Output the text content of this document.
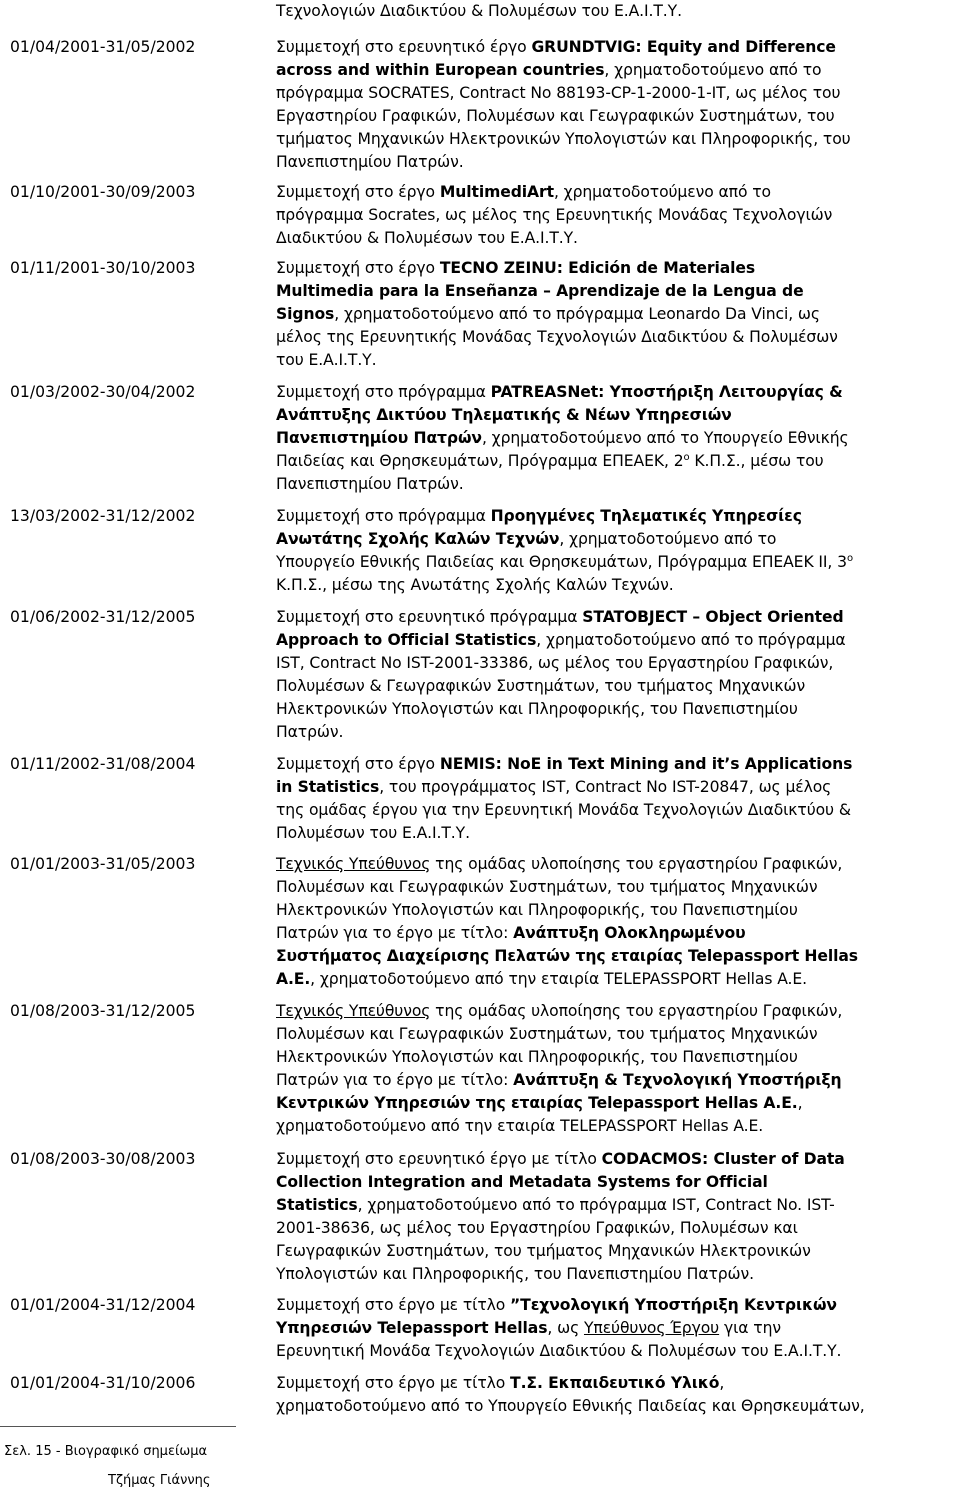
Τεχνολογιών Διαδικτύου & Πολυμέσων του Ε.Α.Ι.Τ.Υ.
01/04/2001-31/05/2002	Συμμετοχή στο ερευνητικό έργο GRUNDTVIG: Equity and Difference
across and within European countries, χρηματοδοτούμενο από το
πρόγραμμα SOCRATES, Contract No 88193-CP-1-2000-1-IT, ως μέλος του
Εργαστηρίου Γραφικών, Πολυμέσων και Γεωγραφικών Συστημάτων, του
τμήματος Μηχανικών Ηλεκτρονικών Υπολογιστών και Πληροφορικής, του
Πανεπιστημίου Πατρών.
01/10/2001-30/09/2003	Συμμετοχή στο έργο MultimediArt, χρηματοδοτούμενο από το
πρόγραμμα Socrates, ως μέλος της Ερευνητικής Μονάδας Τεχνολογιών
Διαδικτύου & Πολυμέσων του Ε.Α.Ι.Τ.Υ.
01/11/2001-30/10/2003	Συμμετοχή στο έργο TECNO ZEINU: Edición de Materiales
Multimedia para la Enseñanza – Aprendizaje de la Lengua de
Signos, χρηματοδοτούμενο από το πρόγραμμα Leonardo Da Vinci, ως
μέλος της Ερευνητικής Μονάδας Τεχνολογιών Διαδικτύου & Πολυμέσων
του Ε.Α.Ι.Τ.Υ.
01/03/2002-30/04/2002	Συμμετοχή στο πρόγραμμα PATREASNet: Υποστήριξη Λειτουργίας &
Ανάπτυξης Δικτύου Τηλεματικής & Νέων Υπηρεσιών
Πανεπιστημίου Πατρών, χρηματοδοτούμενο από το Υπουργείο Εθνικής
Παιδείας και Θρησκευμάτων, Πρόγραμμα ΕΠΕΑΕΚ, $2^o$ Κ.Π.Σ., μέσω του
Πανεπιστημίου Πατρών.
13/03/2002-31/12/2002	Συμμετοχή στο πρόγραμμα Προηγμένες Τηλεματικές Υπηρεσίες
Ανωτάτης Σχολής Καλών Τεχνών, χρηματοδοτούμενο από το
Υπουργείο Εθνικής Παιδείας και Θρησκευμάτων, Πρόγραμμα ΕΠΕΑΕΚ ΙΙ, $3^o$
Κ.Π.Σ., μέσω της Ανωτάτης Σχολής Καλών Τεχνών.
01/06/2002-31/12/2005	Συμμετοχή στο ερευνητικό πρόγραμμα STATOBJECT – Object Oriented
Approach to Official Statistics, χρηματοδοτούμενο από το πρόγραμμα
IST, Contract No IST-2001-33386, ως μέλος του Εργαστηρίου Γραφικών,
Πολυμέσων & Γεωγραφικών Συστημάτων, του τμήματος Μηχανικών
Ηλεκτρονικών Υπολογιστών και Πληροφορικής, του Πανεπιστημίου
Πατρών.
01/11/2002-31/08/2004	Συμμετοχή στο έργο NEMIS: NoE in Text Mining and it’s Applications
in Statistics, του προγράμματος IST, Contract No IST-20847, ως μέλος
της ομάδας έργου για την Ερευνητική Μονάδα Τεχνολογιών Διαδικτύου &
Πολυμέσων του Ε.Α.Ι.Τ.Υ.
01/01/2003-31/05/2003	Τεχνικός Υπεύθυνος της ομάδας υλοποίησης του εργαστηρίου Γραφικών,
Πολυμέσων και Γεωγραφικών Συστημάτων, του τμήματος Μηχανικών
Ηλεκτρονικών Υπολογιστών και Πληροφορικής, του Πανεπιστημίου
Πατρών για το έργο με τίτλο: Ανάπτυξη Ολοκληρωμένου
Συστήματος Διαχείρισης Πελατών της εταιρίας Telepassport Hellas
Α.Ε., χρηματοδοτούμενο από την εταιρία TELEPASSPORT Hellas A.E.
01/08/2003-31/12/2005	Τεχνικός Υπεύθυνος της ομάδας υλοποίησης του εργαστηρίου Γραφικών,
Πολυμέσων και Γεωγραφικών Συστημάτων, του τμήματος Μηχανικών
Ηλεκτρονικών Υπολογιστών και Πληροφορικής, του Πανεπιστημίου
Πατρών για το έργο με τίτλο: Ανάπτυξη & Τεχνολογική Υποστήριξη
Κεντρικών Υπηρεσιών της εταιρίας Telepassport Hellas Α.Ε.,
χρηματοδοτούμενο από την εταιρία TELEPASSPORT Hellas A.E.
01/08/2003-30/08/2003	Συμμετοχή στο ερευνητικό έργο με τίτλο CODACMOS: Cluster of Data
Collection Integration and Metadata Systems for Official
Statistics, χρηματοδοτούμενο από το πρόγραμμα IST, Contract No. IST-
2001-38636, ως μέλος του Εργαστηρίου Γραφικών, Πολυμέσων και
Γεωγραφικών Συστημάτων, του τμήματος Μηχανικών Ηλεκτρονικών
Υπολογιστών και Πληροφορικής, του Πανεπιστημίου Πατρών.
01/01/2004-31/12/2004	Συμμετοχή στο έργο με τίτλο ”Τεχνολογική Υποστήριξη Κεντρικών
Υπηρεσιών Telepassport Hellas, ως Υπεύθυνος Έργου για την
Ερευνητική Μονάδα Τεχνολογιών Διαδικτύου & Πολυμέσων του Ε.Α.Ι.Τ.Υ.
01/01/2004-31/10/2006	Συμμετοχή στο έργο με τίτλο Τ.Σ. Εκπαιδευτικό Υλικό,
χρηματοδοτούμενο από το Υπουργείο Εθνικής Παιδείας και Θρησκευμάτων,
Σελ. 15 - Βιογραφικό σημείωμα
Τζήμας Γιάννης
